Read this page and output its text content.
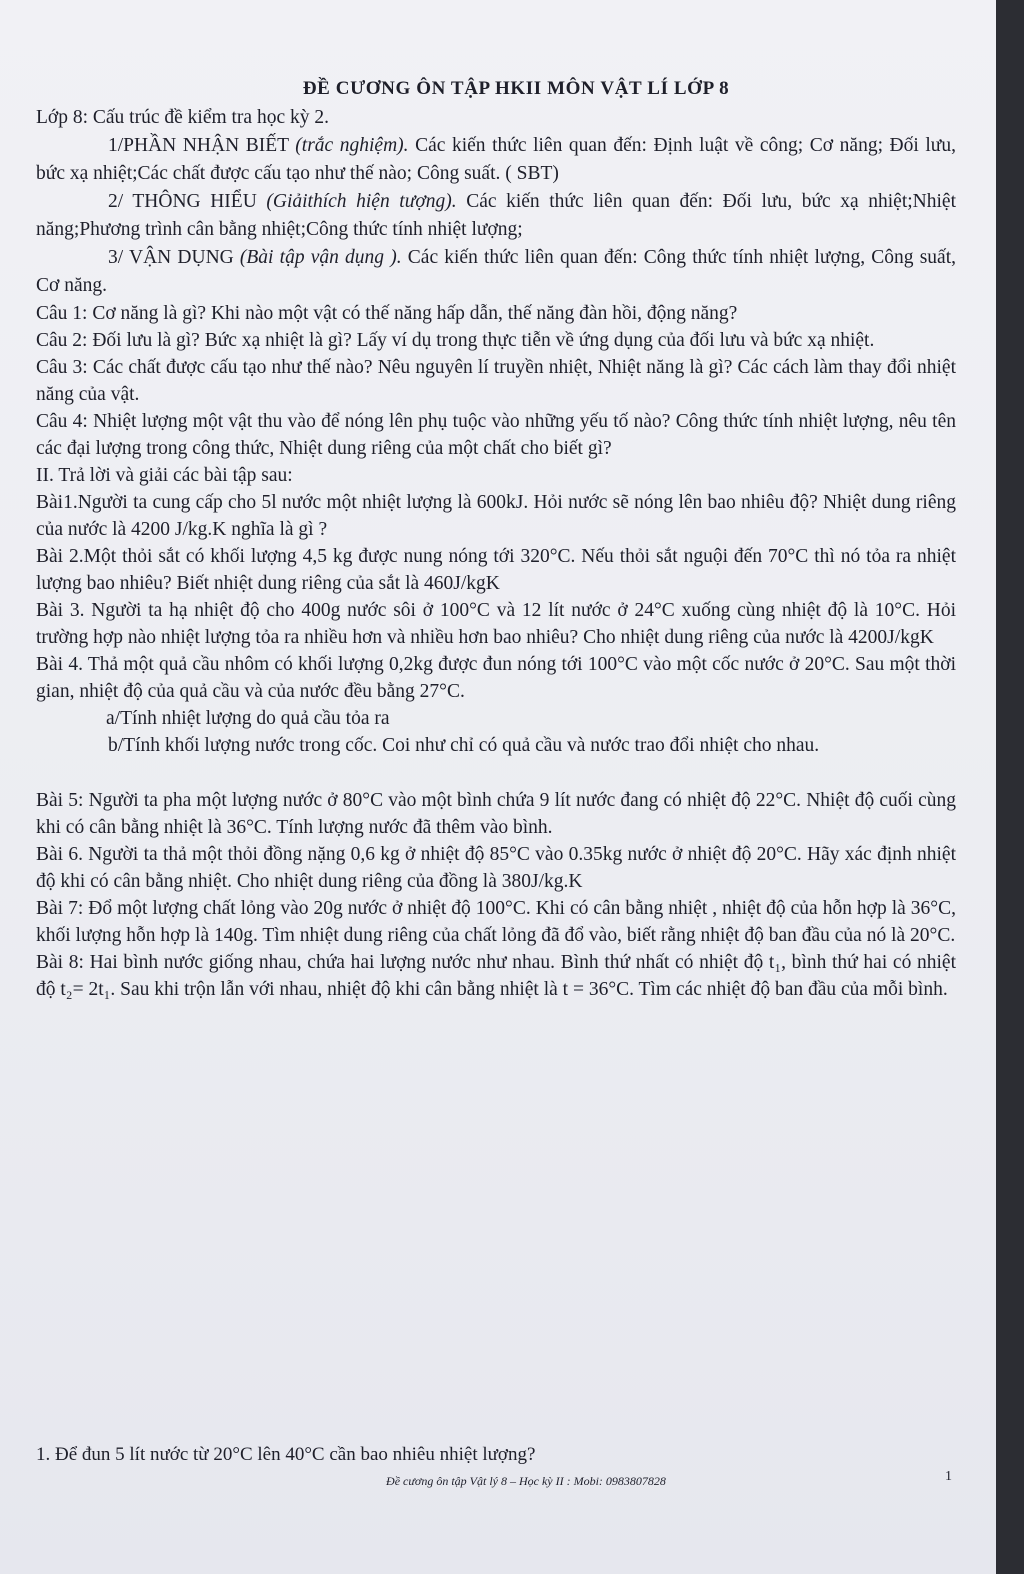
ĐỀ CƯƠNG ÔN TẬP HKII MÔN VẬT LÍ LỚP 8

Lớp 8: Cấu trúc đề kiểm tra học kỳ 2.

1/PHẦN NHẬN BIẾT (trắc nghiệm). Các kiến thức liên quan đến: Định luật về công; Cơ năng; Đối lưu, bức xạ nhiệt;Các chất được cấu tạo như thế nào; Công suất. ( SBT)

2/ THÔNG HIỂU (Giảithích hiện tượng). Các kiến thức liên quan đến: Đối lưu, bức xạ nhiệt;Nhiệt năng;Phương trình cân bằng nhiệt;Công thức tính nhiệt lượng;

3/ VẬN DỤNG (Bài tập vận dụng ). Các kiến thức liên quan đến: Công thức tính nhiệt lượng, Công suất, Cơ năng.

Câu 1: Cơ năng là gì? Khi nào một vật có thế năng hấp dẫn, thế năng đàn hồi, động năng?

Câu 2: Đối lưu là gì? Bức xạ nhiệt là gì? Lấy ví dụ trong thực tiễn về ứng dụng của đối lưu và bức xạ nhiệt.

Câu 3: Các chất được cấu tạo như thế nào? Nêu nguyên lí truyền nhiệt, Nhiệt năng là gì? Các cách làm thay đổi nhiệt năng của vật.

Câu 4: Nhiệt lượng một vật thu vào để nóng lên phụ tuộc vào những yếu tố nào? Công thức tính nhiệt lượng, nêu tên các đại lượng trong công thức, Nhiệt dung riêng của một chất cho biết gì?

II. Trả lời và giải các bài tập sau:

Bài1.Người ta cung cấp cho 5l nước một nhiệt lượng là 600kJ. Hỏi nước sẽ nóng lên bao nhiêu độ? Nhiệt dung riêng của nước là 4200 J/kg.K nghĩa là gì ?

Bài 2.Một thỏi sắt có khối lượng 4,5 kg được nung nóng tới 320°C. Nếu thỏi sắt nguội đến 70°C thì nó tỏa ra nhiệt lượng bao nhiêu? Biết nhiệt dung riêng của sắt là 460J/kgK

Bài 3. Người ta hạ nhiệt độ cho 400g nước sôi ở 100°C và 12 lít nước ở 24°C xuống cùng nhiệt độ là 10°C. Hỏi trường hợp nào nhiệt lượng tỏa ra nhiều hơn và nhiều hơn bao nhiêu? Cho nhiệt dung riêng của nước là 4200J/kgK

Bài 4. Thả một quả cầu nhôm có khối lượng 0,2kg được đun nóng tới 100°C vào một cốc nước ở 20°C. Sau một thời gian, nhiệt độ của quả cầu và của nước đều bằng 27°C.

a/Tính nhiệt lượng do quả cầu tỏa ra

b/Tính khối lượng nước trong cốc. Coi như chỉ có quả cầu và nước trao đổi nhiệt cho nhau.

Bài 5: Người ta pha một lượng nước ở 80°C vào một bình chứa 9 lít nước đang có nhiệt độ 22°C. Nhiệt độ cuối cùng khi có cân bằng nhiệt là 36°C. Tính lượng nước đã thêm vào bình.

Bài 6. Người ta thả một thỏi đồng nặng 0,6 kg ở nhiệt độ 85°C vào 0.35kg nước ở nhiệt độ 20°C. Hãy xác định nhiệt độ khi có cân bằng nhiệt. Cho nhiệt dung riêng của đồng là 380J/kg.K

Bài 7: Đổ một lượng chất lỏng vào 20g nước ở nhiệt độ 100°C. Khi có cân bằng nhiệt , nhiệt độ của hỗn hợp là 36°C, khối lượng hỗn hợp là 140g. Tìm nhiệt dung riêng của chất lỏng đã đổ vào, biết rằng nhiệt độ ban đầu của nó là 20°C.

Bài 8: Hai bình nước giống nhau, chứa hai lượng nước như nhau. Bình thứ nhất có nhiệt độ t₁, bình thứ hai có nhiệt độ t₂= 2t₁. Sau khi trộn lẫn với nhau, nhiệt độ khi cân bằng nhiệt là t = 36°C. Tìm các nhiệt độ ban đầu của mỗi bình.

1. Để đun 5 lít nước từ 20°C lên 40°C cần bao nhiêu nhiệt lượng?
Đề cương ôn tập Vật lý 8 – Học kỳ II : Mobi: 0983807828	1
